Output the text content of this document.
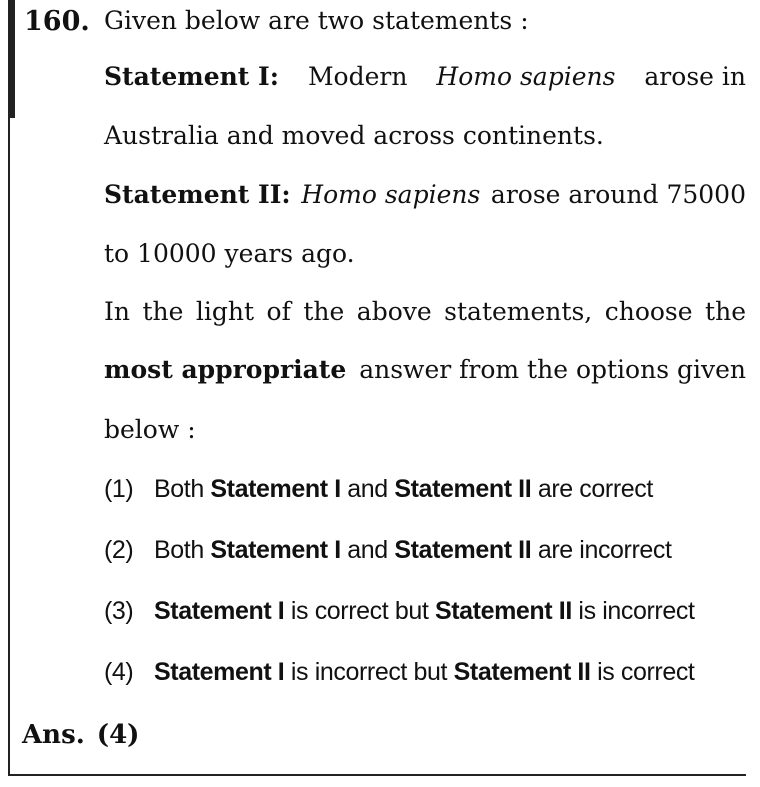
160. Given below are two statements :
Statement I: Modern Homo sapiens arose in
Australia and moved across continents.
Statement II: Homo sapiens arose around 75000
to 10000 years ago.
In the light of the above statements, choose the
most appropriate answer from the options given
below :
(1) Both Statement I and Statement II are correct
(2) Both Statement I and Statement II are incorrect
(3) Statement I is correct but Statement II is incorrect
(4) Statement I is incorrect but Statement II is correct
Ans. (4)
